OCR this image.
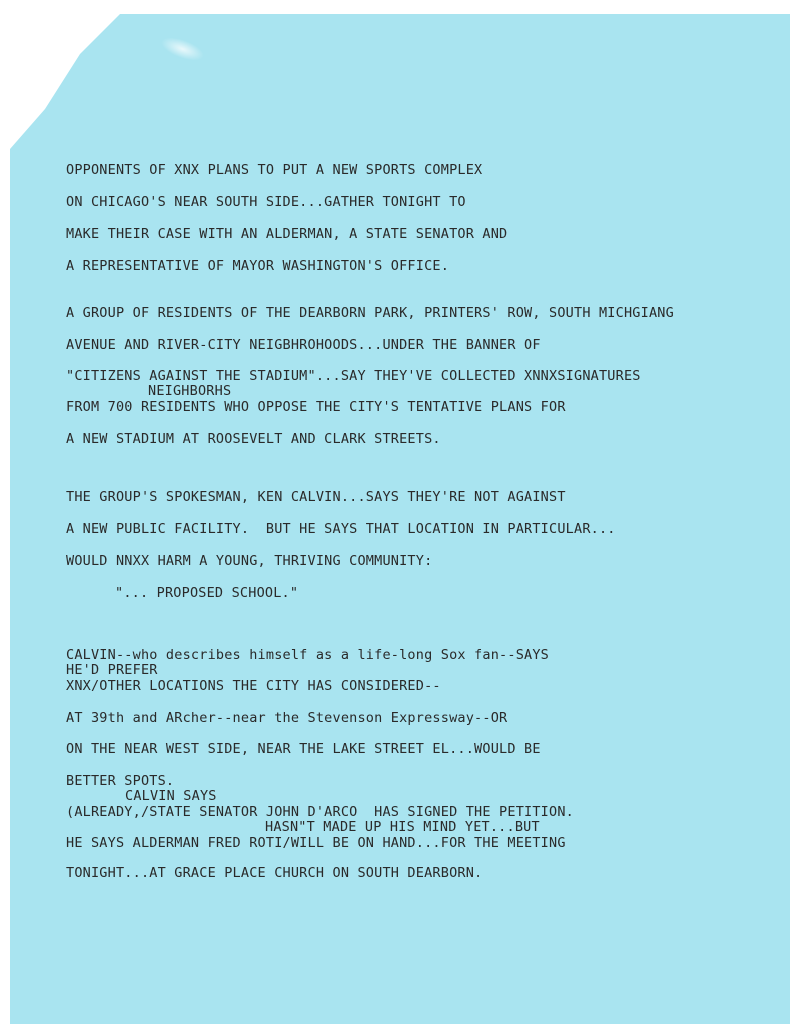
OPPONENTS OF XNX PLANS TO PUT A NEW SPORTS COMPLEX
ON CHICAGO'S NEAR SOUTH SIDE...GATHER TONIGHT TO
MAKE THEIR CASE WITH AN ALDERMAN, A STATE SENATOR AND
A REPRESENTATIVE OF MAYOR WASHINGTON'S OFFICE.
A GROUP OF RESIDENTS OF THE DEARBORN PARK, PRINTERS' ROW, SOUTH MICHGIANG
AVENUE AND RIVER-CITY NEIGBHROHOODS...UNDER THE BANNER OF
"CITIZENS AGAINST THE STADIUM"...SAY THEY'VE COLLECTED XNNXSIGNATURES
NEIGHBORHS
FROM 700 RESIDENTS WHO OPPOSE THE CITY'S TENTATIVE PLANS FOR
A NEW STADIUM AT ROOSEVELT AND CLARK STREETS.
THE GROUP'S SPOKESMAN, KEN CALVIN...SAYS THEY'RE NOT AGAINST
A NEW PUBLIC FACILITY.  BUT HE SAYS THAT LOCATION IN PARTICULAR...
WOULD NNXX HARM A YOUNG, THRIVING COMMUNITY:
"... PROPOSED SCHOOL."
CALVIN--who describes himself as a life-long Sox fan--SAYS
HE'D PREFER
XNX/OTHER LOCATIONS THE CITY HAS CONSIDERED--
AT 39th and ARcher--near the Stevenson Expressway--OR
ON THE NEAR WEST SIDE, NEAR THE LAKE STREET EL...WOULD BE
BETTER SPOTS.
CALVIN SAYS
(ALREADY,/STATE SENATOR JOHN D'ARCO  HAS SIGNED THE PETITION.
HASN"T MADE UP HIS MIND YET...BUT
HE SAYS ALDERMAN FRED ROTI/WILL BE ON HAND...FOR THE MEETING
TONIGHT...AT GRACE PLACE CHURCH ON SOUTH DEARBORN.
